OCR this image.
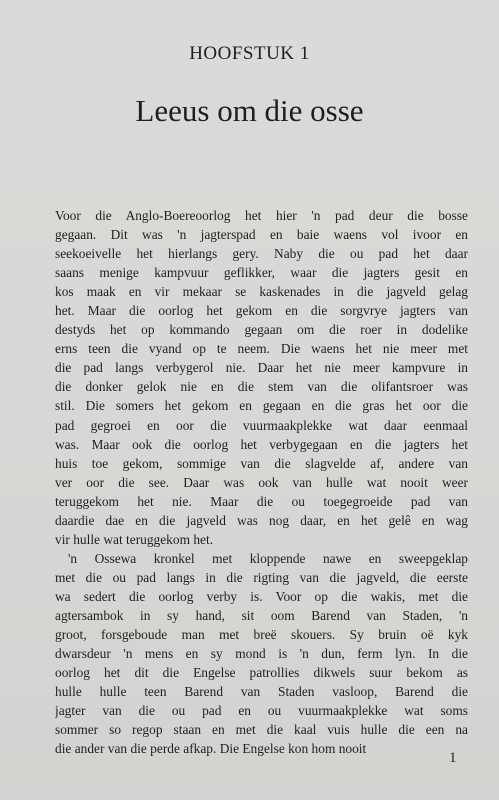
HOOFSTUK 1
Leeus om die osse
Voor die Anglo-Boereoorlog het hier 'n pad deur die bosse
gegaan. Dit was 'n jagterspad en baie waens vol ivoor en
seekoeivelle het hierlangs gery. Naby die ou pad het daar
saans menige kampvuur geflikker, waar die jagters gesit en
kos maak en vir mekaar se kaskenades in die jagveld gelag
het. Maar die oorlog het gekom en die sorgvrye jagters van
destyds het op kommando gegaan om die roer in dodelike
erns teen die vyand op te neem. Die waens het nie meer met
die pad langs verbygerol nie. Daar het nie meer kampvure in
die donker gelok nie en die stem van die olifantsroer was
stil. Die somers het gekom en gegaan en die gras het oor die
pad gegroei en oor die vuurmaakplekke wat daar eenmaal
was. Maar ook die oorlog het verbygegaan en die jagters het
huis toe gekom, sommige van die slagvelde af, andere van
ver oor die see. Daar was ook van hulle wat nooit weer
teruggekom het nie. Maar die ou toegegroeide pad van
daardie dae en die jagveld was nog daar, en het gelê en wag
vir hulle wat teruggekom het.
'n Ossewa kronkel met kloppende nawe en sweepgeklap
met die ou pad langs in die rigting van die jagveld, die eerste
wa sedert die oorlog verby is. Voor op die wakis, met die
agtersambok in sy hand, sit oom Barend van Staden, 'n
groot, forsgeboude man met breë skouers. Sy bruin oë kyk
dwarsdeur 'n mens en sy mond is 'n dun, ferm lyn. In die
oorlog het dit die Engelse patrollies dikwels suur bekom as
hulle hulle teen Barend van Staden vasloop, Barend die
jagter van die ou pad en ou vuurmaakplekke wat soms
sommer so regop staan en met die kaal vuis hulle die een na
die ander van die perde afkap. Die Engelse kon hom nooit
1
